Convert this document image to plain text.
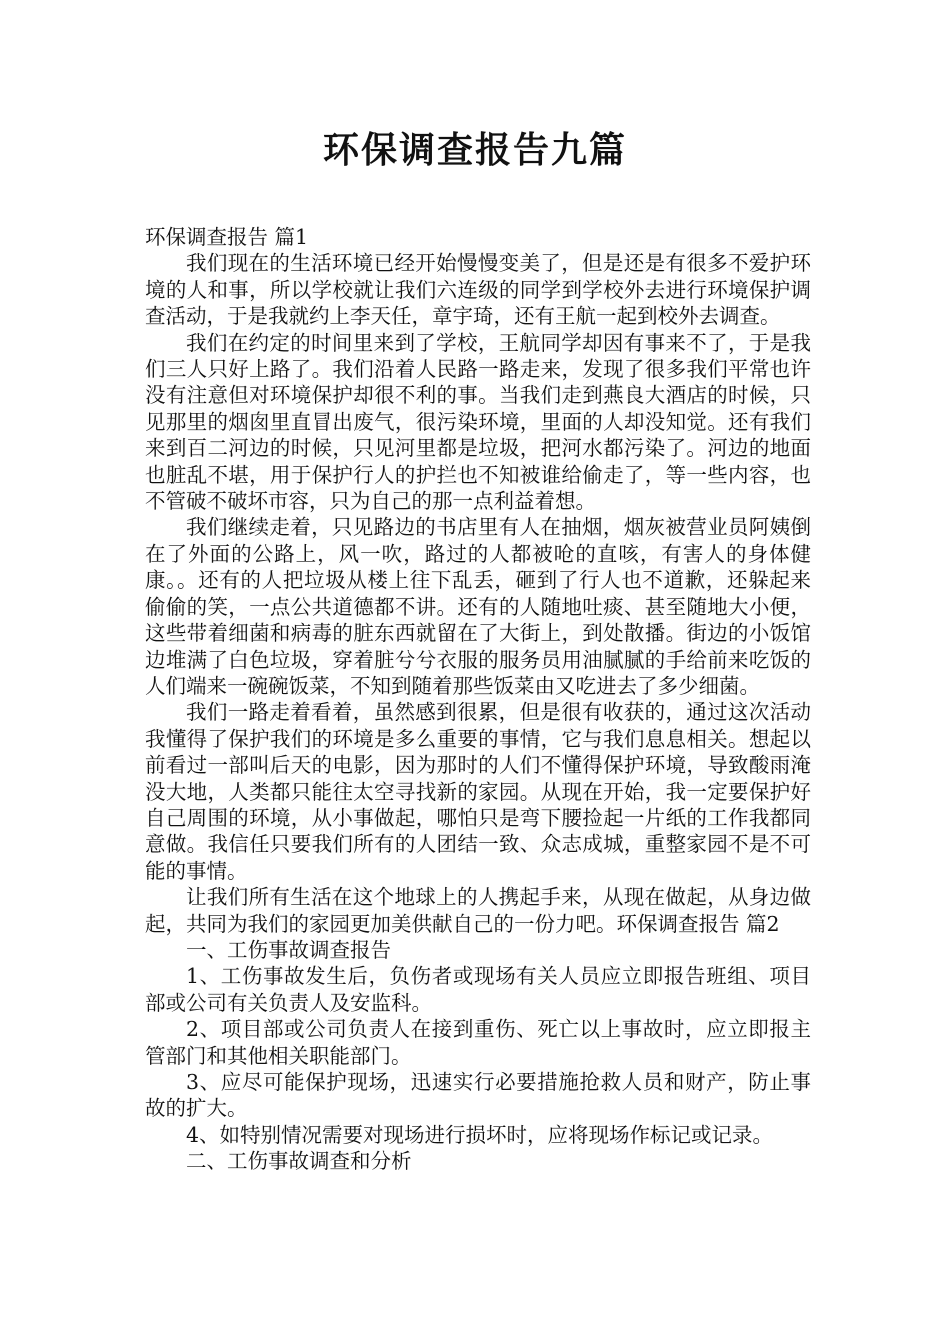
环保调查报告九篇

环保调查报告 篇1

我们现在的生活环境已经开始慢慢变美了，但是还是有很多不爱护环境的人和事，所以学校就让我们六连级的同学到学校外去进行环境保护调查活动，于是我就约上李天任，章宇琦，还有王航一起到校外去调查。

我们在约定的时间里来到了学校，王航同学却因有事来不了，于是我们三人只好上路了。我们沿着人民路一路走来，发现了很多我们平常也许没有注意但对环境保护却很不利的事。当我们走到燕良大酒店的时候，只见那里的烟囱里直冒出废气，很污染环境，里面的人却没知觉。还有我们来到百二河边的时候，只见河里都是垃圾，把河水都污染了。河边的地面也脏乱不堪，用于保护行人的护拦也不知被谁给偷走了，等一些内容，也不管破不破坏市容，只为自己的那一点利益着想。

我们继续走着，只见路边的书店里有人在抽烟，烟灰被营业员阿姨倒在了外面的公路上，风一吹，路过的人都被呛的直咳，有害人的身体健康。。还有的人把垃圾从楼上往下乱丢，砸到了行人也不道歉，还躲起来偷偷的笑，一点公共道德都不讲。还有的人随地吐痰、甚至随地大小便，这些带着细菌和病毒的脏东西就留在了大街上，到处散播。街边的小饭馆边堆满了白色垃圾，穿着脏兮兮衣服的服务员用油腻腻的手给前来吃饭的人们端来一碗碗饭菜，不知到随着那些饭菜由又吃进去了多少细菌。

我们一路走着看着，虽然感到很累，但是很有收获的，通过这次活动我懂得了保护我们的环境是多么重要的事情，它与我们息息相关。想起以前看过一部叫后天的电影，因为那时的人们不懂得保护环境，导致酸雨淹没大地，人类都只能往太空寻找新的家园。从现在开始，我一定要保护好自己周围的环境，从小事做起，哪怕只是弯下腰捡起一片纸的工作我都同意做。我信任只要我们所有的人团结一致、众志成城，重整家园不是不可能的事情。

让我们所有生活在这个地球上的人携起手来，从现在做起，从身边做起，共同为我们的家园更加美供献自己的一份力吧。环保调查报告 篇2

一、工伤事故调查报告

1、工伤事故发生后，负伤者或现场有关人员应立即报告班组、项目部或公司有关负责人及安监科。

2、项目部或公司负责人在接到重伤、死亡以上事故时，应立即报主管部门和其他相关职能部门。

3、应尽可能保护现场，迅速实行必要措施抢救人员和财产，防止事故的扩大。

4、如特别情况需要对现场进行损坏时，应将现场作标记或记录。

二、工伤事故调查和分析
